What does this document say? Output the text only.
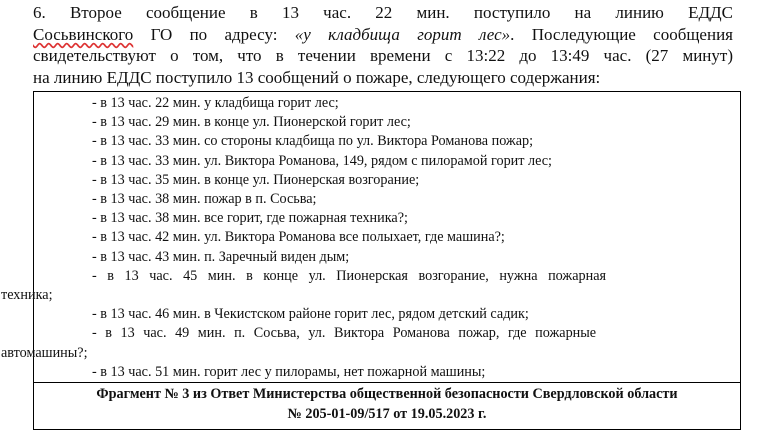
6. Второе сообщение в 13 час. 22 мин. поступило на линию ЕДДС
Сосьвинского ГО по адресу: «у кладбища горит лес». Последующие сообщения
свидетельствуют о том, что в течении времени с 13:22 до 13:49 час. (27 минут)
на линию ЕДДС поступило 13 сообщений о пожаре, следующего содержания:
- в 13 час. 22 мин. у кладбища горит лес;
- в 13 час. 29 мин. в конце ул. Пионерской горит лес;
- в 13 час. 33 мин. со стороны кладбища по ул. Виктора Романова пожар;
- в 13 час. 33 мин. ул. Виктора Романова, 149, рядом с пилорамой горит лес;
- в 13 час. 35 мин. в конце ул. Пионерская возгорание;
- в 13 час. 38 мин. пожар в п. Сосьва;
- в 13 час. 38 мин. все горит, где пожарная техника?;
- в 13 час. 42 мин. ул. Виктора Романова все полыхает, где машина?;
- в 13 час. 43 мин. п. Заречный виден дым;
- в 13 час. 45 мин. в конце ул. Пионерская возгорание, нужна пожарная
техника;
- в 13 час. 46 мин. в Чекистском районе горит лес, рядом детский садик;
- в 13 час. 49 мин. п. Сосьва, ул. Виктора Романова пожар, где пожарные
автомашины?;
- в 13 час. 51 мин. горит лес у пилорамы, нет пожарной машины;
Фрагмент № 3 из Ответ Министерства общественной безопасности Свердловской области
№ 205-01-09/517 от 19.05.2023 г.
